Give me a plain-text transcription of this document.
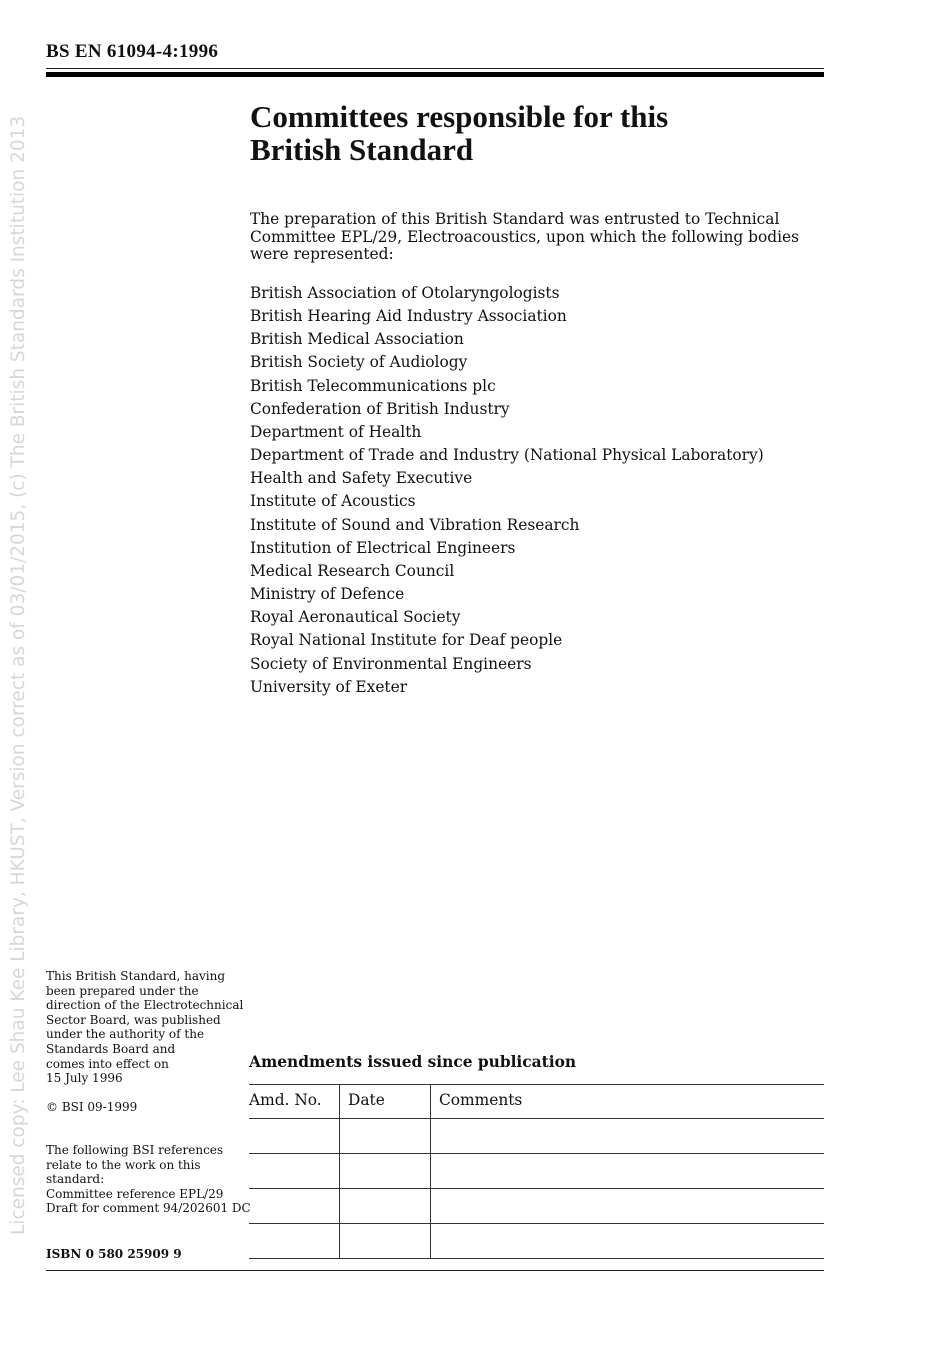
BS EN 61094-4:1996
Licensed copy: Lee Shau Kee Library, HKUST, Version correct as of 03/01/2015, (c) The British Standards Institution 2013	Committees responsible for this
British Standard

The preparation of this British Standard was entrusted to Technical Committee EPL/29, Electroacoustics, upon which the following bodies were represented:

British Association of Otolaryngologists
British Hearing Aid Industry Association
British Medical Association
British Society of Audiology
British Telecommunications plc
Confederation of British Industry
Department of Health
Department of Trade and Industry (National Physical Laboratory)
Health and Safety Executive
Institute of Acoustics
Institute of Sound and Vibration Research
Institution of Electrical Engineers
Medical Research Council
Ministry of Defence
Royal Aeronautical Society
Royal National Institute for Deaf people
Society of Environmental Engineers
University of Exeter

This British Standard, having
been prepared under the
direction of the Electrotechnical
Sector Board, was published
under the authority of the
Standards Board and
comes into effect on
15 July 1996

© BSI 09-1999

The following BSI references
relate to the work on this
standard:
Committee reference EPL/29
Draft for comment 94/202601 DC

ISBN 0 580 25909 9

Amendments issued since publication
Amd. No. Date	Comments
